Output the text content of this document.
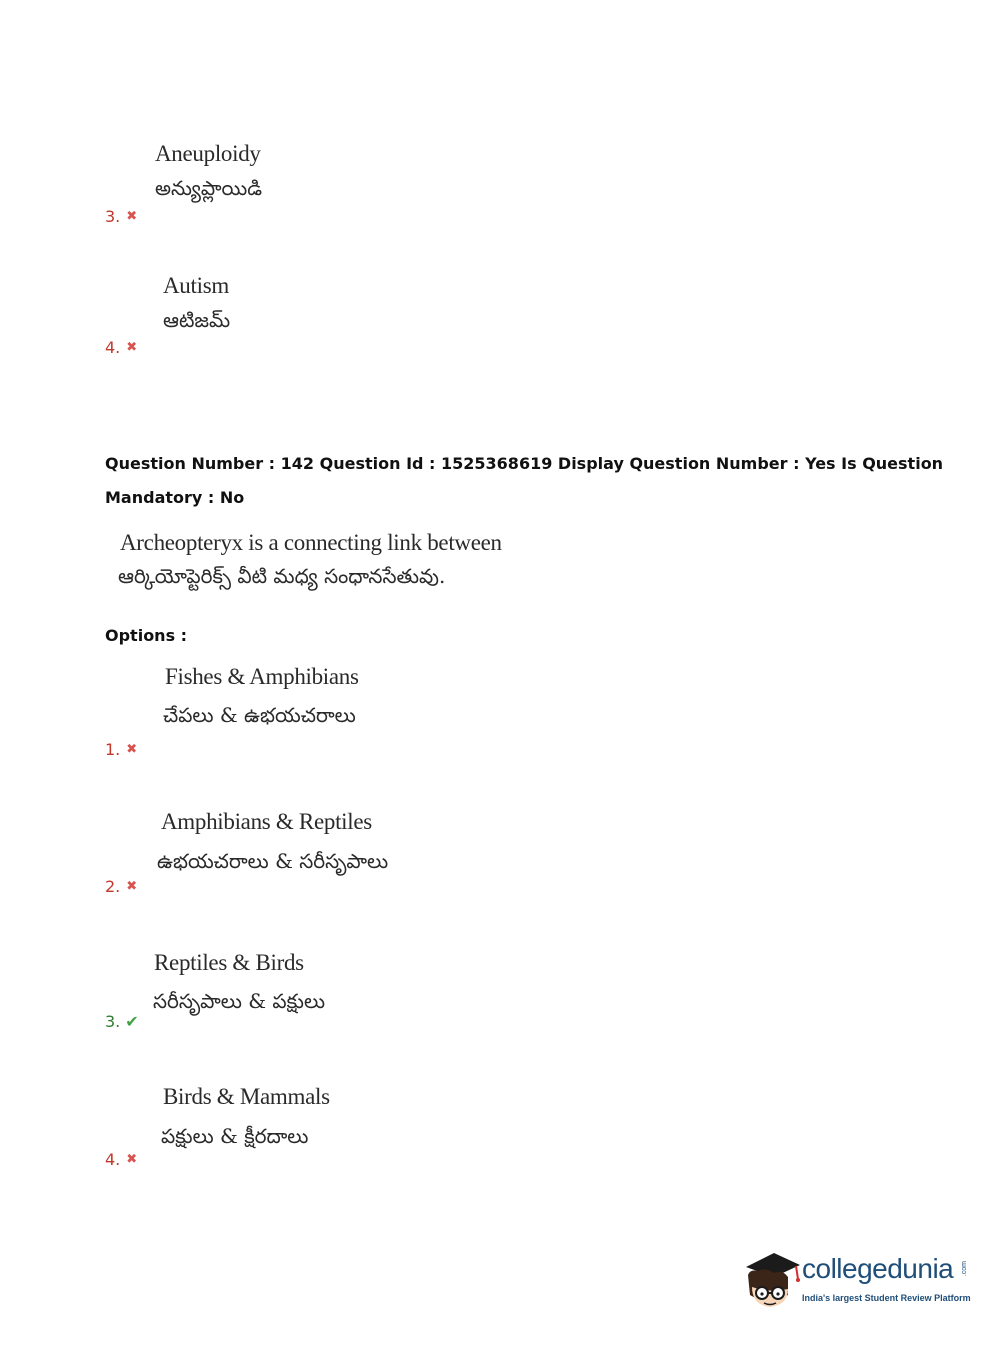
Aneuploidy
అన్యుప్లాయిడి
3. ✖
Autism
ఆటిజమ్
4. ✖
Question Number : 142 Question Id : 1525368619 Display Question Number : Yes Is Question
Mandatory : No
Archeopteryx is a connecting link between
ఆర్కియోప్టెరిక్స్ వీటి మధ్య సంధానసేతువు.
Options :
Fishes & Amphibians
చేపలు & ఉభయచరాలు
1. ✖
Amphibians & Reptiles
ఉభయచరాలు & సరీసృపాలు
2. ✖
Reptiles & Birds
సరీసృపాలు & పక్షులు
3. ✔
Birds & Mammals
పక్షులు & క్షీరదాలు
4. ✖
collegedunia .com
India's largest Student Review Platform
